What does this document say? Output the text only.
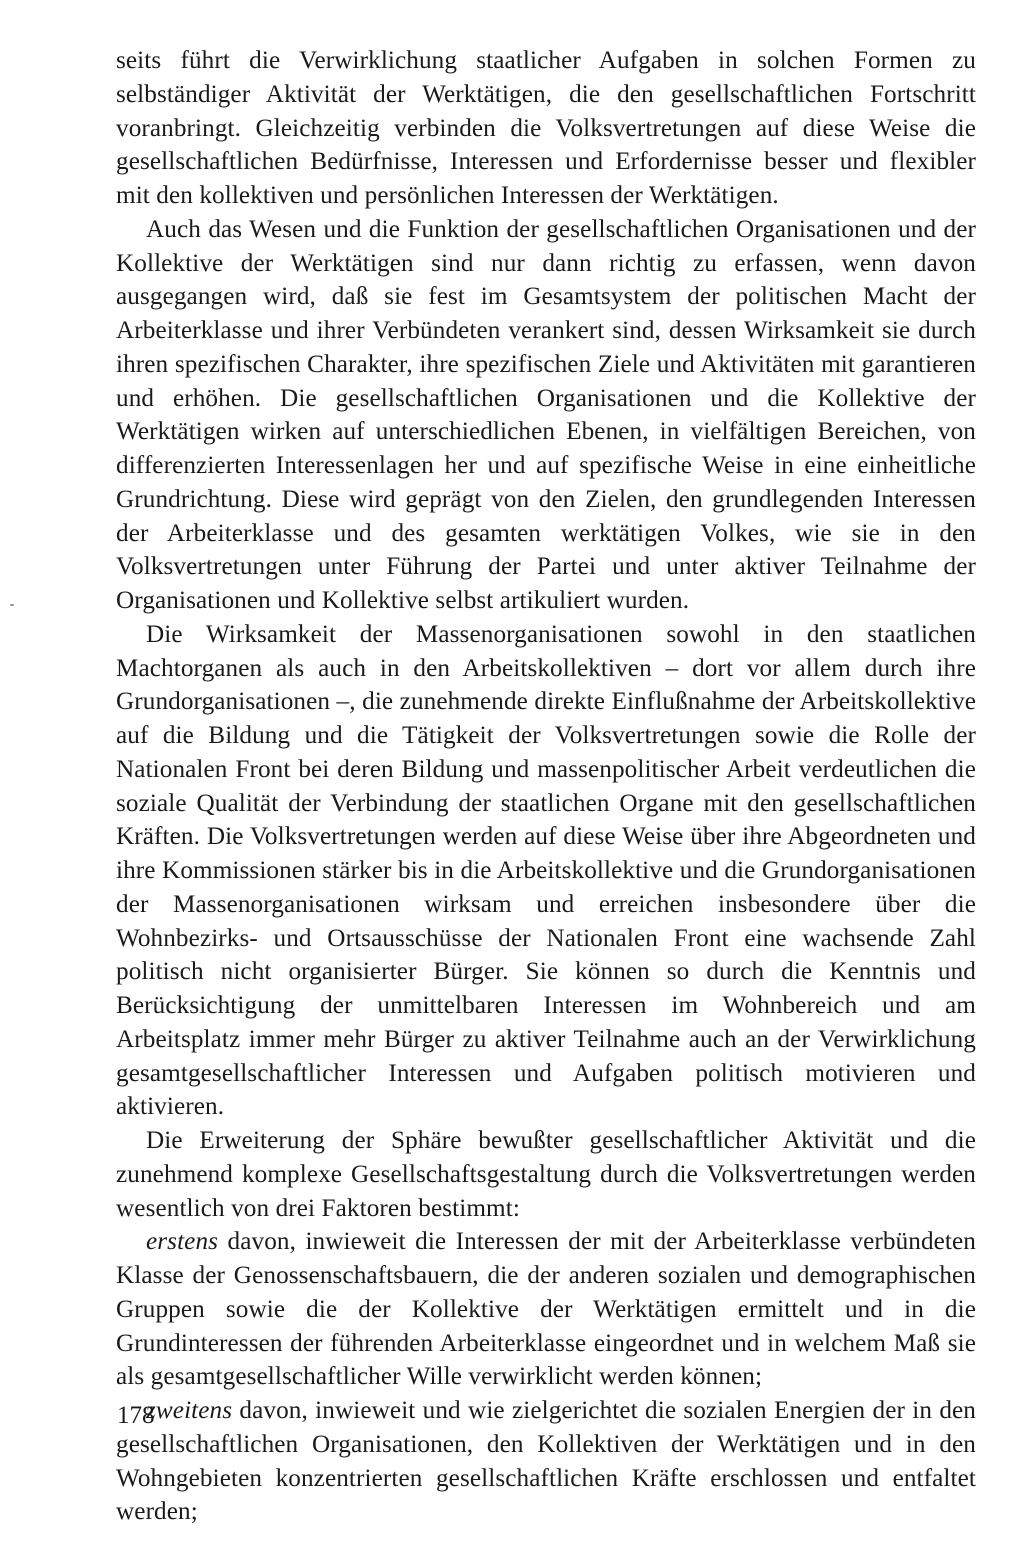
seits führt die Verwirklichung staatlicher Aufgaben in solchen Formen zu selbständiger Aktivität der Werktätigen, die den gesellschaftlichen Fortschritt voranbringt. Gleichzeitig verbinden die Volksvertretungen auf diese Weise die gesellschaftlichen Bedürfnisse, Interessen und Erfordernisse besser und flexibler mit den kollektiven und persönlichen Interessen der Werktätigen.

Auch das Wesen und die Funktion der gesellschaftlichen Organisationen und der Kollektive der Werktätigen sind nur dann richtig zu erfassen, wenn davon ausgegangen wird, daß sie fest im Gesamtsystem der politischen Macht der Arbeiterklasse und ihrer Verbündeten verankert sind, dessen Wirksamkeit sie durch ihren spezifischen Charakter, ihre spezifischen Ziele und Aktivitäten mit garantieren und erhöhen. Die gesellschaftlichen Organisationen und die Kollektive der Werktätigen wirken auf unterschiedlichen Ebenen, in vielfältigen Bereichen, von differenzierten Interessenlagen her und auf spezifische Weise in eine einheitliche Grundrichtung. Diese wird geprägt von den Zielen, den grundlegenden Interessen der Arbeiterklasse und des gesamten werktätigen Volkes, wie sie in den Volksvertretungen unter Führung der Partei und unter aktiver Teilnahme der Organisationen und Kollektive selbst artikuliert wurden.

Die Wirksamkeit der Massenorganisationen sowohl in den staatlichen Machtorganen als auch in den Arbeitskollektiven – dort vor allem durch ihre Grundorganisationen –, die zunehmende direkte Einflußnahme der Arbeitskollektive auf die Bildung und die Tätigkeit der Volksvertretungen sowie die Rolle der Nationalen Front bei deren Bildung und massenpolitischer Arbeit verdeutlichen die soziale Qualität der Verbindung der staatlichen Organe mit den gesellschaftlichen Kräften. Die Volksvertretungen werden auf diese Weise über ihre Abgeordneten und ihre Kommissionen stärker bis in die Arbeitskollektive und die Grundorganisationen der Massenorganisationen wirksam und erreichen insbesondere über die Wohnbezirks- und Ortsausschüsse der Nationalen Front eine wachsende Zahl politisch nicht organisierter Bürger. Sie können so durch die Kenntnis und Berücksichtigung der unmittelbaren Interessen im Wohnbereich und am Arbeitsplatz immer mehr Bürger zu aktiver Teilnahme auch an der Verwirklichung gesamtgesellschaftlicher Interessen und Aufgaben politisch motivieren und aktivieren.

Die Erweiterung der Sphäre bewußter gesellschaftlicher Aktivität und die zunehmend komplexe Gesellschaftsgestaltung durch die Volksvertretungen werden wesentlich von drei Faktoren bestimmt:

erstens davon, inwieweit die Interessen der mit der Arbeiterklasse verbündeten Klasse der Genossenschaftsbauern, die der anderen sozialen und demographischen Gruppen sowie die der Kollektive der Werktätigen ermittelt und in die Grundinteressen der führenden Arbeiterklasse eingeordnet und in welchem Maß sie als gesamtgesellschaftlicher Wille verwirklicht werden können;

zweitens davon, inwieweit und wie zielgerichtet die sozialen Energien der in den gesellschaftlichen Organisationen, den Kollektiven der Werktätigen und in den Wohngebieten konzentrierten gesellschaftlichen Kräfte erschlossen und entfaltet werden;

178
